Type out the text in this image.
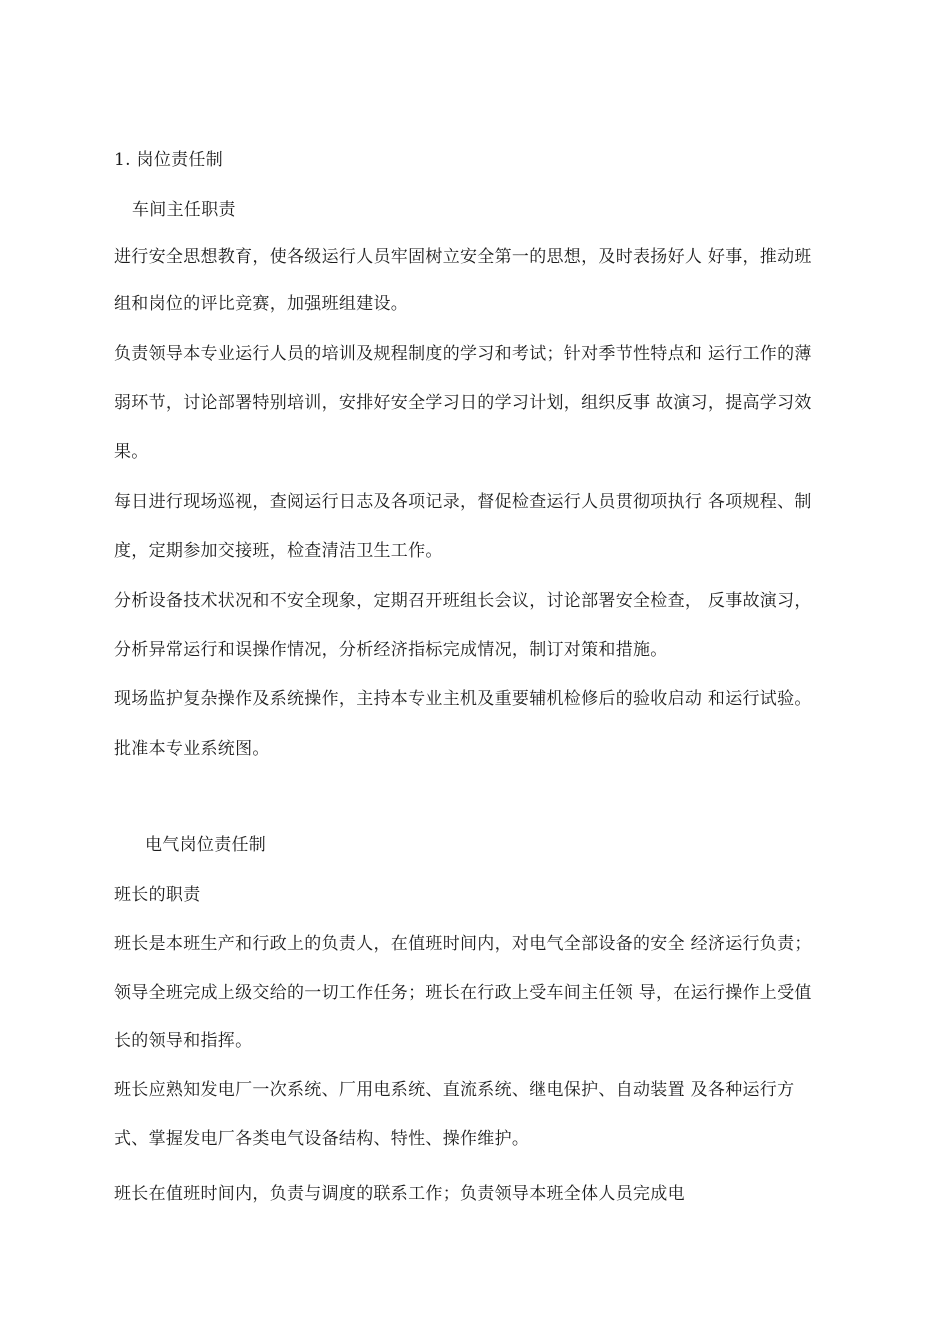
1. 岗位责任制
车间主任职责
进行安全思想教育，使各级运行人员牢固树立安全第一的思想，及时表扬好人 好事，推动班
组和岗位的评比竞赛，加强班组建设。
负责领导本专业运行人员的培训及规程制度的学习和考试；针对季节性特点和 运行工作的薄
弱环节，讨论部署特别培训，安排好安全学习日的学习计划，组织反事 故演习，提高学习效
果。
每日进行现场巡视，查阅运行日志及各项记录，督促检查运行人员贯彻项执行 各项规程、制
度，定期参加交接班，检查清洁卫生工作。
分析设备技术状况和不安全现象，定期召开班组长会议，讨论部署安全检查， 反事故演习，
分析异常运行和误操作情况，分析经济指标完成情况，制订对策和措施。
现场监护复杂操作及系统操作，主持本专业主机及重要辅机检修后的验收启动 和运行试验。
批准本专业系统图。
电气岗位责任制
班长的职责
班长是本班生产和行政上的负责人，在值班时间内，对电气全部设备的安全 经济运行负责；
领导全班完成上级交给的一切工作任务；班长在行政上受车间主任领 导，在运行操作上受值
长的领导和指挥。
班长应熟知发电厂一次系统、厂用电系统、直流系统、继电保护、自动装置 及各种运行方
式、掌握发电厂各类电气设备结构、特性、操作维护。
班长在值班时间内，负责与调度的联系工作；负责领导本班全体人员完成电
